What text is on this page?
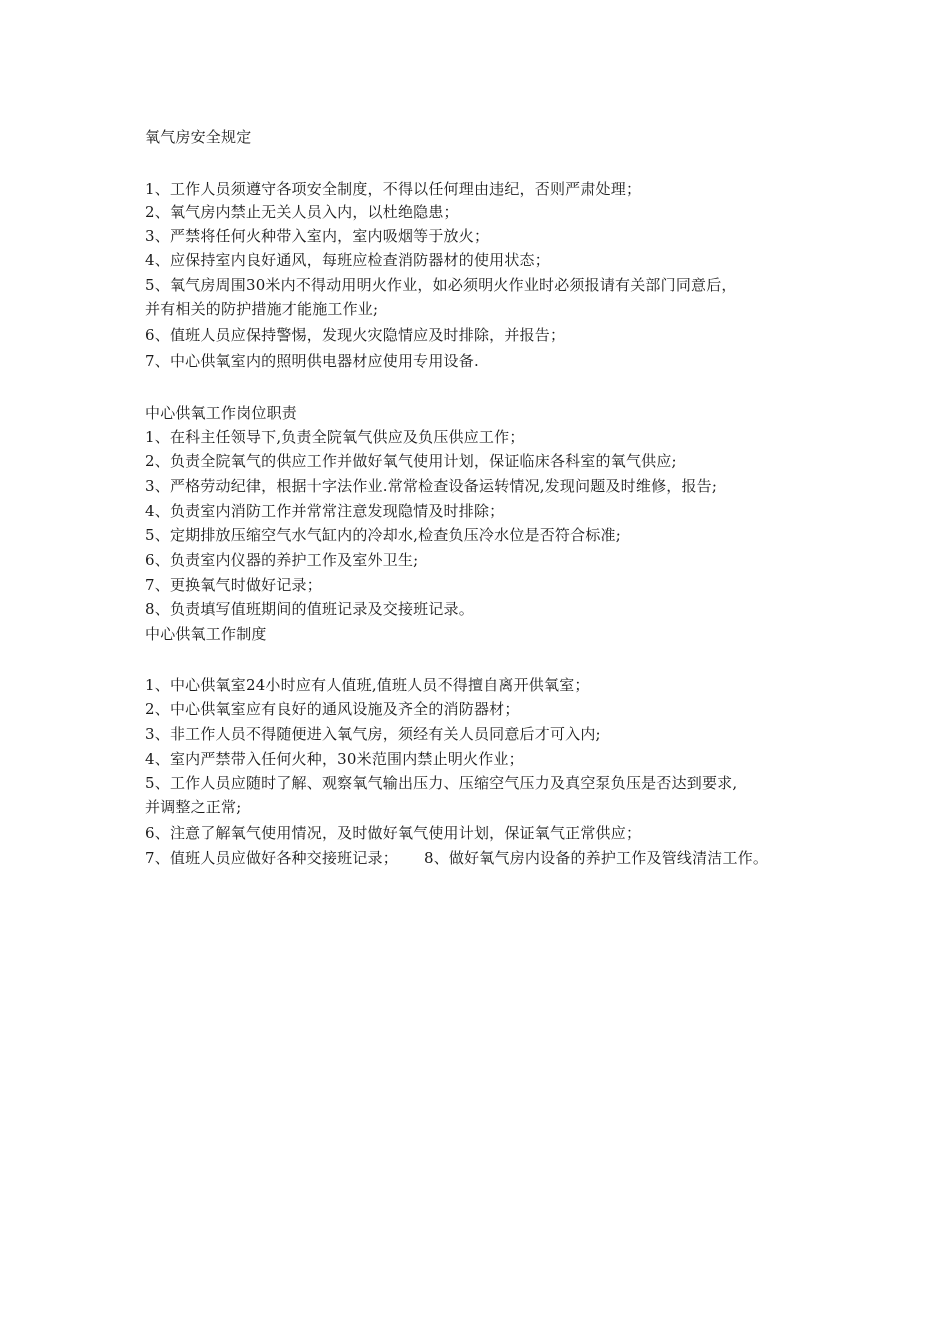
氧气房安全规定
1、工作人员须遵守各项安全制度，不得以任何理由违纪，否则严肃处理；
2、氧气房内禁止无关人员入内，以杜绝隐患；
3、严禁将任何火种带入室内，室内吸烟等于放火；
4、应保持室内良好通风，每班应检查消防器材的使用状态；
5、氧气房周围30米内不得动用明火作业，如必须明火作业时必须报请有关部门同意后，
并有相关的防护措施才能施工作业;
6、值班人员应保持警惕，发现火灾隐情应及时排除，并报告；
7、中心供氧室内的照明供电器材应使用专用设备.
中心供氧工作岗位职责
1、在科主任领导下,负责全院氧气供应及负压供应工作；
2、负责全院氧气的供应工作并做好氧气使用计划，保证临床各科室的氧气供应;
3、严格劳动纪律，根据十字法作业.常常检查设备运转情况,发现问题及时维修，报告;
4、负责室内消防工作并常常注意发现隐情及时排除；
5、定期排放压缩空气水气缸内的冷却水,检查负压冷水位是否符合标准;
6、负责室内仪器的养护工作及室外卫生;
7、更换氧气时做好记录；
8、负责填写值班期间的值班记录及交接班记录。
中心供氧工作制度
1、中心供氧室24小时应有人值班,值班人员不得擅自离开供氧室；
2、中心供氧室应有良好的通风设施及齐全的消防器材；
3、非工作人员不得随便进入氧气房，须经有关人员同意后才可入内;
4、室内严禁带入任何火种，30米范围内禁止明火作业；
5、工作人员应随时了解、观察氧气输出压力、压缩空气压力及真空泵负压是否达到要求,
并调整之正常;
6、注意了解氧气使用情况，及时做好氧气使用计划，保证氧气正常供应；
7、值班人员应做好各种交接班记录； 8、做好氧气房内设备的养护工作及管线清洁工作。
